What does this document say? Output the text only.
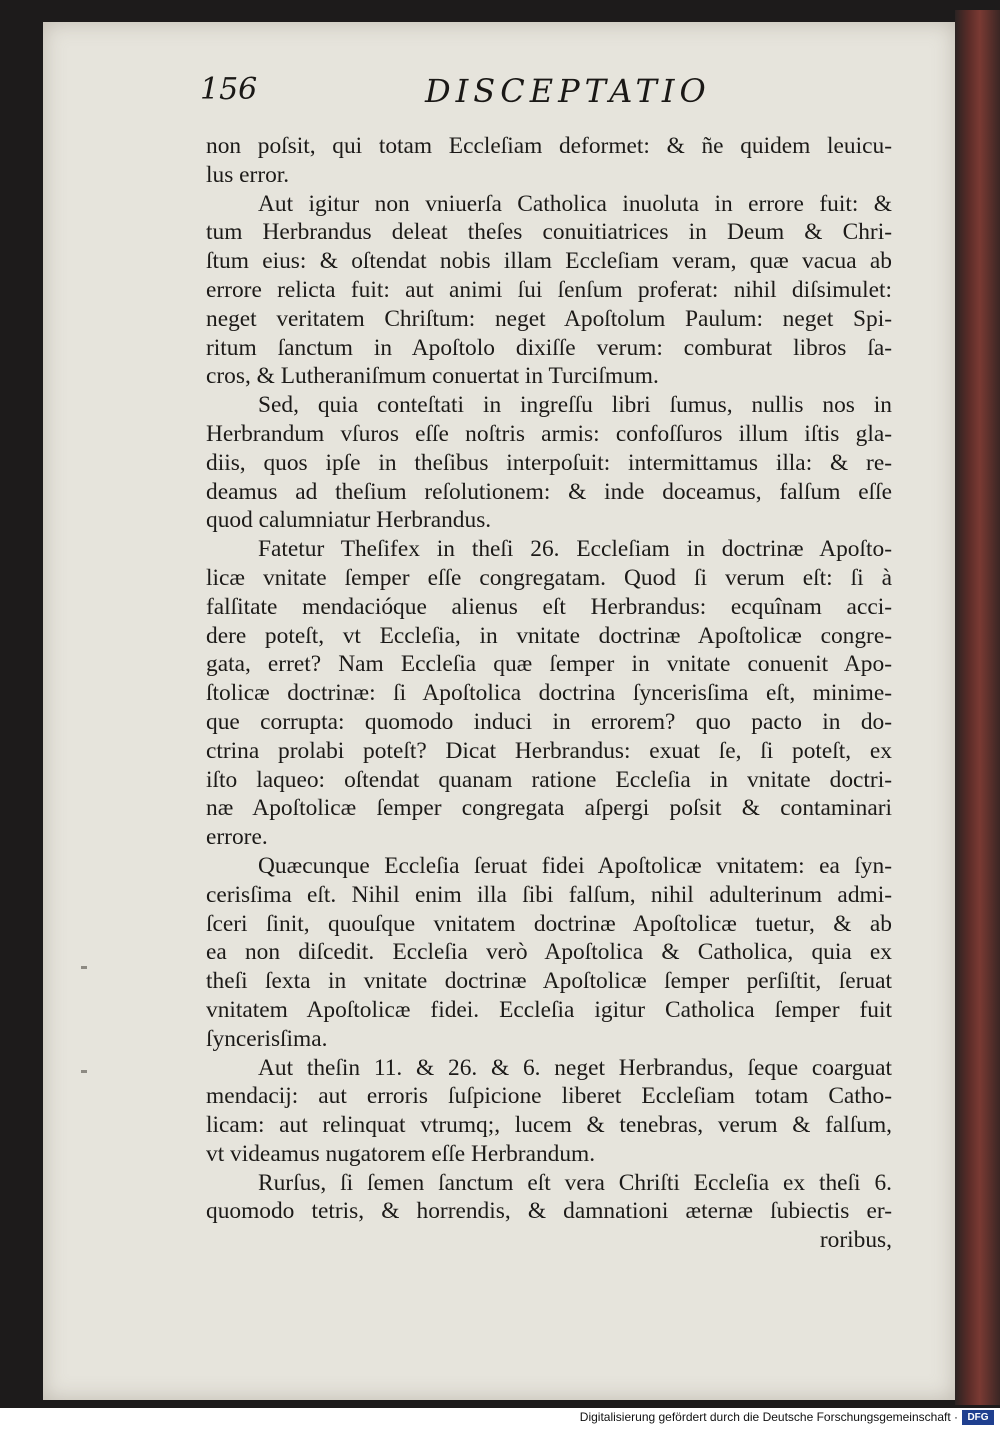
156	DISCEPTATIO
non poſsit, qui totam Eccleſiam deformet: & ñe quidem leuicu-
lus error.
Aut igitur non vniuerſa Catholica inuoluta in errore fuit: &
tum Herbrandus deleat theſes conuitiatrices in Deum & Chri-
ſtum eius: & oſtendat nobis illam Eccleſiam veram, quæ vacua ab
errore relicta fuit: aut animi ſui ſenſum proferat: nihil diſsimulet:
neget veritatem Chriſtum: neget Apoſtolum Paulum: neget Spi-
ritum ſanctum in Apoſtolo dixiſſe verum: comburat libros ſa-
cros, & Lutheraniſmum conuertat in Turciſmum.
Sed, quia conteſtati in ingreſſu libri ſumus, nullis nos in
Herbrandum vſuros eſſe noſtris armis: confoſſuros illum iſtis gla-
diis, quos ipſe in theſibus interpoſuit: intermittamus illa: & re-
deamus ad theſium reſolutionem: & inde doceamus, falſum eſſe
quod calumniatur Herbrandus.
Fatetur Theſifex in theſi 26. Eccleſiam in doctrinæ Apoſto-
licæ vnitate ſemper eſſe congregatam. Quod ſi verum eſt: ſi à
falſitate mendacióque alienus eſt Herbrandus: ecquînam acci-
dere poteſt, vt Eccleſia, in vnitate doctrinæ Apoſtolicæ congre-
gata, erret? Nam Eccleſia quæ ſemper in vnitate conuenit Apo-
ſtolicæ doctrinæ: ſi Apoſtolica doctrina ſyncerisſima eſt, minime-
que corrupta: quomodo induci in errorem? quo pacto in do-
ctrina prolabi poteſt? Dicat Herbrandus: exuat ſe, ſi poteſt, ex
iſto laqueo: oſtendat quanam ratione Eccleſia in vnitate doctri-
næ Apoſtolicæ ſemper congregata aſpergi poſsit & contaminari
errore.
Quæcunque Eccleſia ſeruat fidei Apoſtolicæ vnitatem: ea ſyn-
cerisſima eſt. Nihil enim illa ſibi falſum, nihil adulterinum admi-
ſceri ſinit, quouſque vnitatem doctrinæ Apoſtolicæ tuetur, & ab
ea non diſcedit. Eccleſia verò Apoſtolica & Catholica, quia ex
theſi ſexta in vnitate doctrinæ Apoſtolicæ ſemper perſiſtit, ſeruat
vnitatem Apoſtolicæ fidei. Eccleſia igitur Catholica ſemper fuit
ſyncerisſima.
Aut theſin 11. & 26. & 6. neget Herbrandus, ſeque coarguat
mendacij: aut erroris ſuſpicione liberet Eccleſiam totam Catho-
licam: aut relinquat vtrumq;, lucem & tenebras, verum & falſum,
vt videamus nugatorem eſſe Herbrandum.
Rurſus, ſi ſemen ſanctum eſt vera Chriſti Eccleſia ex theſi 6.
quomodo tetris, & horrendis, & damnationi æternæ ſubiectis er-
roribus,
Digitalisierung gefördert durch die Deutsche Forschungsgemeinschaft · DFG
